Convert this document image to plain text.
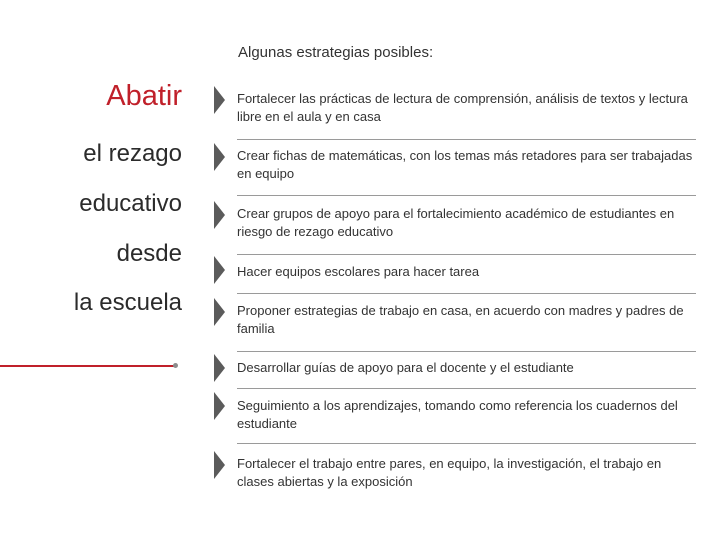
Algunas estrategias posibles:
Abatir
el rezago
educativo
desde
la escuela
Fortalecer las prácticas de lectura de comprensión, análisis de textos y lectura libre en el aula y en casa
Crear fichas de matemáticas, con los temas más retadores para ser trabajadas en equipo
Crear grupos de apoyo para el fortalecimiento académico de estudiantes en riesgo de rezago educativo
Hacer equipos escolares para hacer tarea
Proponer estrategias de trabajo en casa, en acuerdo con madres y padres de familia
Desarrollar guías de apoyo para el docente y el estudiante
Seguimiento a los aprendizajes, tomando como referencia los cuadernos del estudiante
Fortalecer el trabajo entre pares, en equipo, la investigación, el trabajo en clases abiertas y la exposición
